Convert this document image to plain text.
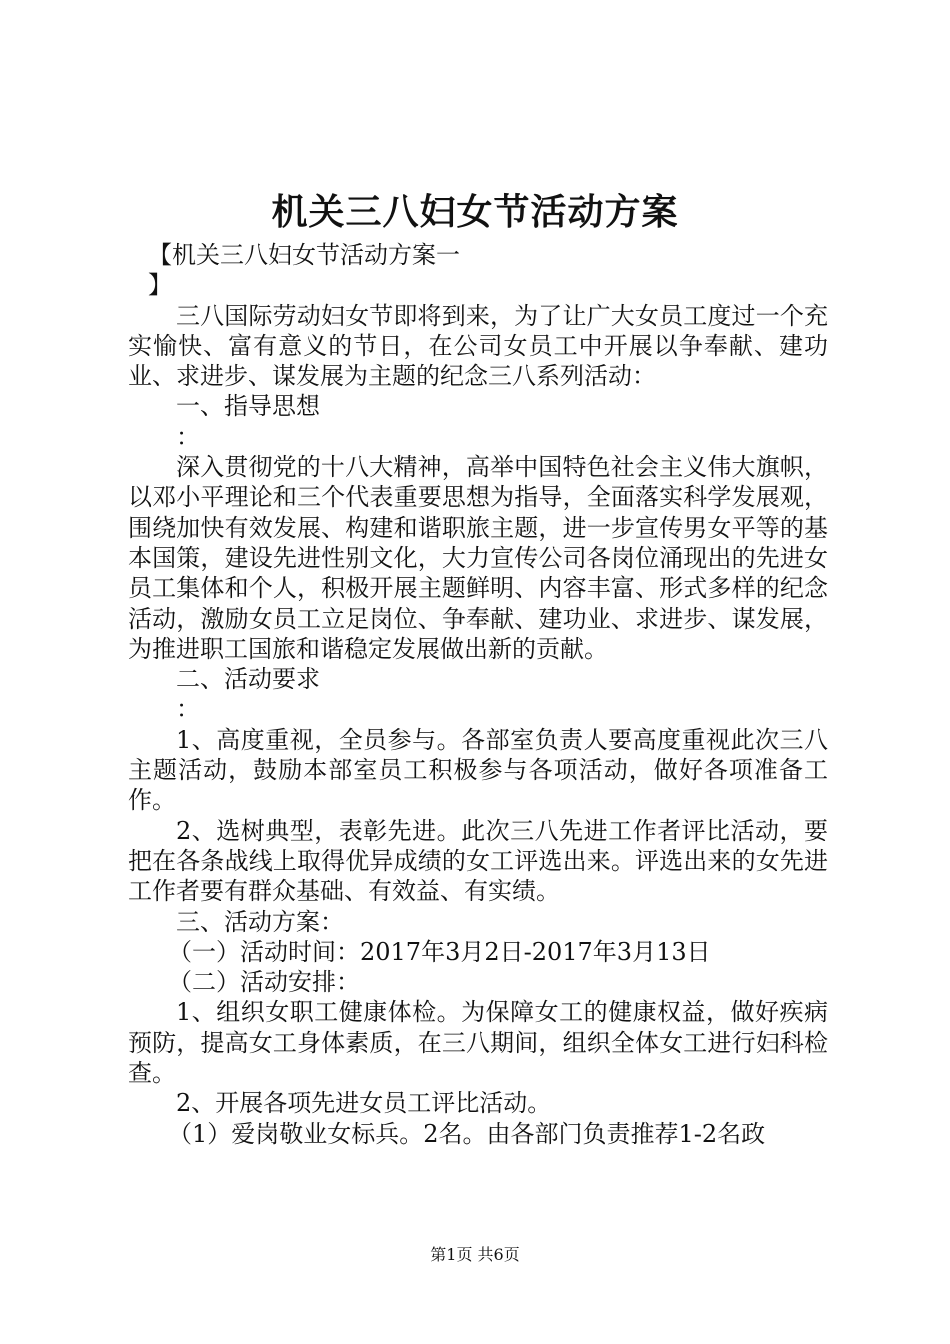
机关三八妇女节活动方案

【机关三八妇女节活动方案一

】

三八国际劳动妇女节即将到来，为了让广大女员工度过一个充实愉快、富有意义的节日，在公司女员工中开展以争奉献、建功业、求进步、谋发展为主题的纪念三八系列活动：

一、指导思想

：

深入贯彻党的十八大精神，高举中国特色社会主义伟大旗帜，以邓小平理论和三个代表重要思想为指导，全面落实科学发展观，围绕加快有效发展、构建和谐职旅主题，进一步宣传男女平等的基本国策，建设先进性别文化，大力宣传公司各岗位涌现出的先进女员工集体和个人，积极开展主题鲜明、内容丰富、形式多样的纪念活动，激励女员工立足岗位、争奉献、建功业、求进步、谋发展，为推进职工国旅和谐稳定发展做出新的贡献。

二、活动要求

：

1、高度重视，全员参与。各部室负责人要高度重视此次三八主题活动，鼓励本部室员工积极参与各项活动，做好各项准备工作。

2、选树典型，表彰先进。此次三八先进工作者评比活动，要把在各条战线上取得优异成绩的女工评选出来。评选出来的女先进工作者要有群众基础、有效益、有实绩。

三、活动方案：

（一）活动时间：2017年3月2日-2017年3月13日

（二）活动安排：

1、组织女职工健康体检。为保障女工的健康权益，做好疾病预防，提高女工身体素质，在三八期间，组织全体女工进行妇科检查。

2、开展各项先进女员工评比活动。

（1）爱岗敬业女标兵。2名。由各部门负责推荐1-2名政

第1页 共6页
